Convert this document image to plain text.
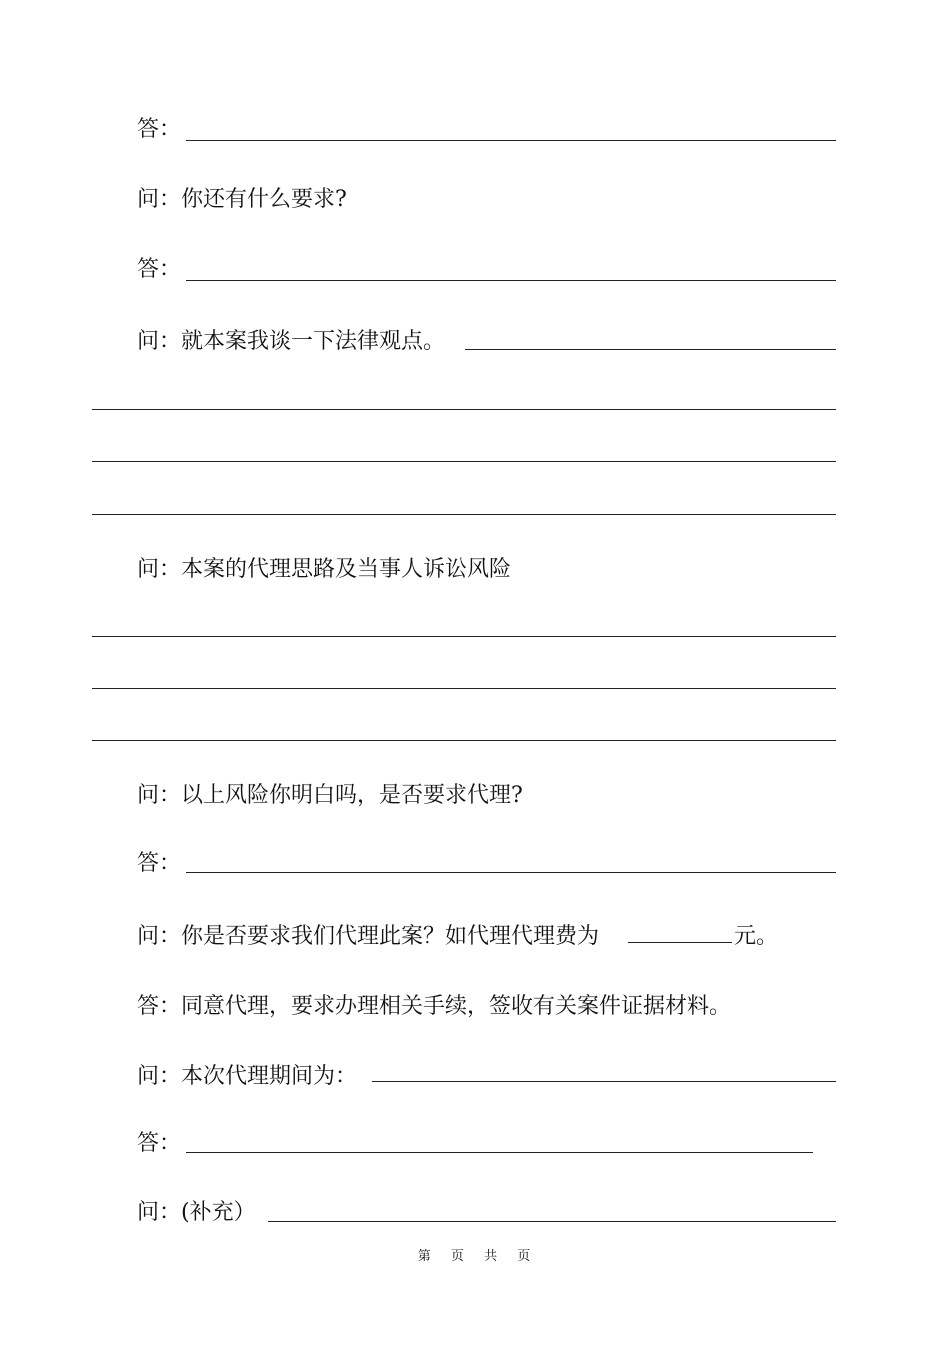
答：
问：你还有什么要求?
答：
问：就本案我谈一下法律观点。
问：本案的代理思路及当事人诉讼风险
问：以上风险你明白吗，是否要求代理?
答：
问：你是否要求我们代理此案？如代理代理费为	元。
答：同意代理，要求办理相关手续，签收有关案件证据材料。
问：本次代理期间为：
答：
问：(补充）
第 页 共 页
